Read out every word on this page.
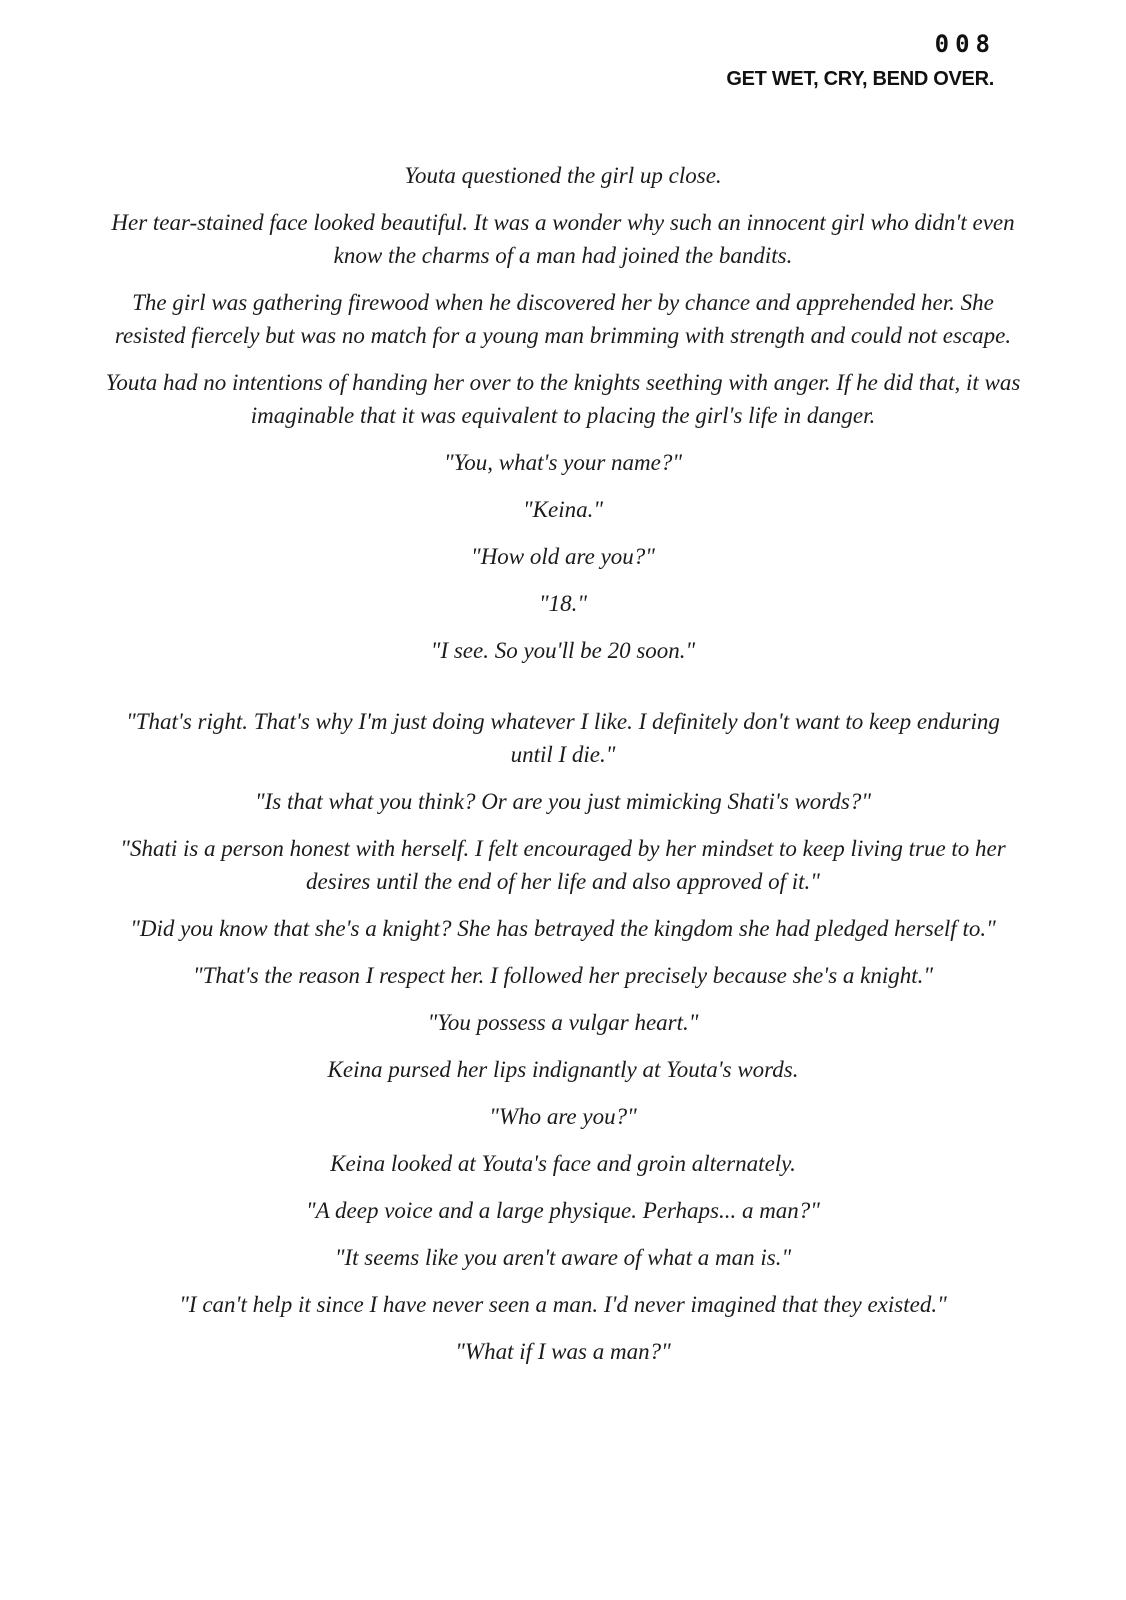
008
GET WET, CRY, BEND OVER.

Youta questioned the girl up close.

Her tear-stained face looked beautiful. It was a wonder why such an innocent girl who didn't even know the charms of a man had joined the bandits.

The girl was gathering firewood when he discovered her by chance and apprehended her. She resisted fiercely but was no match for a young man brimming with strength and could not escape.

Youta had no intentions of handing her over to the knights seething with anger. If he did that, it was imaginable that it was equivalent to placing the girl's life in danger.

"You, what's your name?"

"Keina."

"How old are you?"

"18."

"I see. So you'll be 20 soon."

"That's right. That's why I'm just doing whatever I like. I definitely don't want to keep enduring until I die."

"Is that what you think? Or are you just mimicking Shati's words?"

"Shati is a person honest with herself. I felt encouraged by her mindset to keep living true to her desires until the end of her life and also approved of it."

"Did you know that she's a knight? She has betrayed the kingdom she had pledged herself to."

"That's the reason I respect her. I followed her precisely because she's a knight."

"You possess a vulgar heart."

Keina pursed her lips indignantly at Youta's words.

"Who are you?"

Keina looked at Youta's face and groin alternately.

"A deep voice and a large physique. Perhaps... a man?"

"It seems like you aren't aware of what a man is."

"I can't help it since I have never seen a man. I'd never imagined that they existed."

"What if I was a man?"
